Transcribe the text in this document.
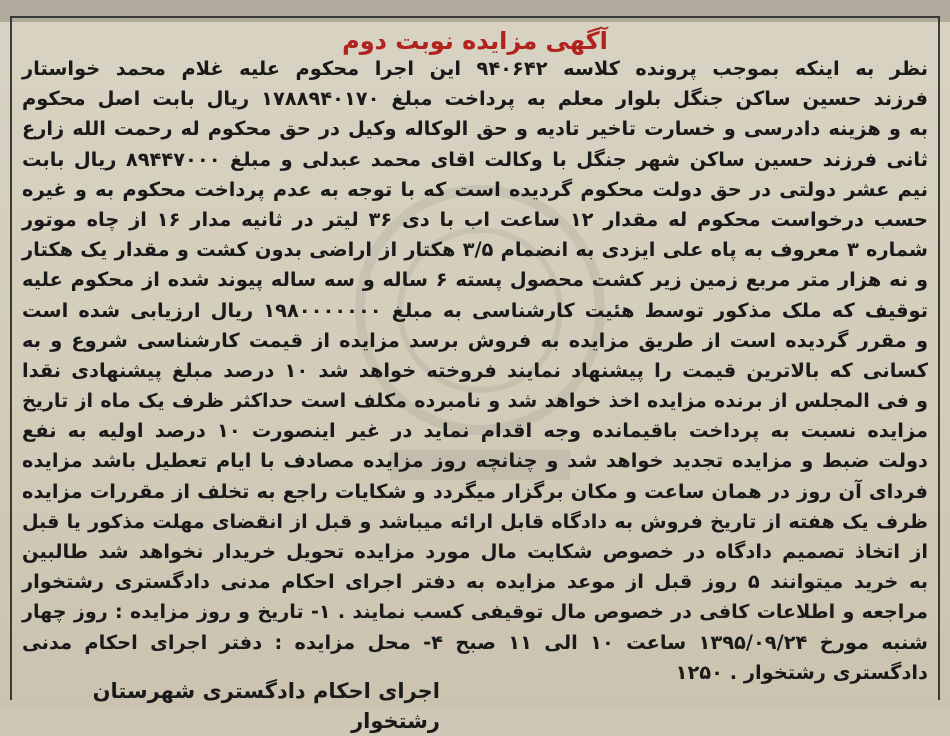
آگهی مزایده نوبت دوم
نظر به اینکه بموجب پرونده کلاسه ۹۴۰۶۴۲ این اجرا محکوم علیه غلام محمد خواستار
فرزند حسین ساکن جنگل بلوار معلم به پرداخت مبلغ ۱۷۸۸۹۴۰۱۷۰ ریال بابت اصل محکوم
به و هزینه دادرسی و خسارت تاخیر تادیه و حق الوکاله وکیل در حق محکوم له رحمت الله زارع
ثانی فرزند حسین ساکن شهر جنگل با وکالت اقای محمد عبدلی و مبلغ ۸۹۴۴۷۰۰۰ ریال بابت
نیم عشر دولتی در حق دولت محکوم گردیده است که با توجه به عدم پرداخت محکوم به و غیره
حسب درخواست محکوم له مقدار ۱۲ ساعت اب با دی ۳۶ لیتر در ثانیه مدار ۱۶ از چاه موتور
شماره ۳ معروف به پاه علی ایزدی به انضمام ۳/۵ هکتار از اراضی بدون کشت و مقدار یک هکتار
و نه هزار متر مربع زمین زیر کشت محصول پسته ۶ ساله و سه ساله پیوند شده از محکوم علیه
توقیف که ملک مذکور توسط هئیت کارشناسی به مبلغ ۱۹۸۰۰۰۰۰۰۰ ریال ارزیابی شده است
و مقرر گردیده است از طریق مزایده به فروش برسد مزایده از قیمت کارشناسی شروع و به
کسانی که بالاترین قیمت را پیشنهاد نمایند فروخته خواهد شد ۱۰ درصد مبلغ پیشنهادی نقدا
و فی المجلس از برنده مزایده اخذ خواهد شد و نامبرده مکلف است حداکثر ظرف یک ماه از تاریخ
مزایده نسبت به پرداخت باقیمانده وجه اقدام نماید در غیر اینصورت ۱۰ درصد اولیه به نفع
دولت ضبط و مزایده تجدید خواهد شد و چنانچه روز مزایده مصادف با ایام تعطیل باشد مزایده
فردای آن روز در همان ساعت و مکان برگزار میگردد و شکایات راجع به تخلف از مقررات مزایده
ظرف یک هفته از تاریخ فروش به دادگاه قابل ارائه میباشد و قبل از انقضای مهلت مذکور یا قبل
از اتخاذ تصمیم دادگاه در خصوص شکایت مال مورد مزایده تحویل خریدار نخواهد شد طالبین
به خرید میتوانند ۵ روز قبل از موعد مزایده به دفتر اجرای احکام مدنی دادگستری رشتخوار
مراجعه و اطلاعات کافی در خصوص مال توقیفی کسب نمایند . ۱- تاریخ و روز مزایده : روز چهار
شنبه مورخ ۱۳۹۵/۰۹/۲۴ ساعت ۱۰ الی ۱۱ صبح ۴- محل مزایده : دفتر اجرای احکام مدنی
دادگستری رشتخوار . ۱۲۵۰
اجرای احکام دادگستری شهرستان رشتخوار
